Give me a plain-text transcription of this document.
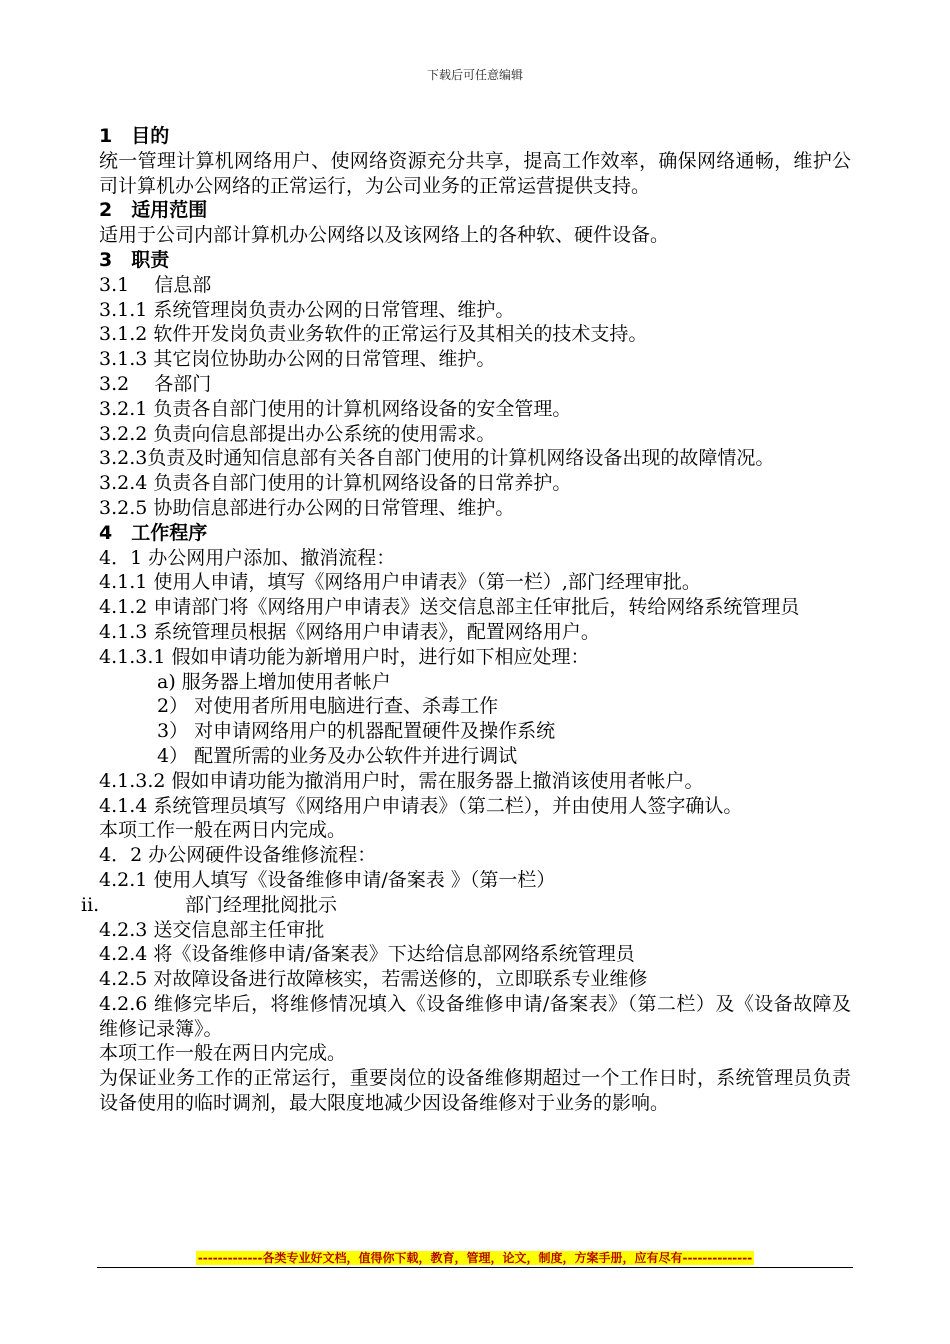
下载后可任意编辑
1　目的
统一管理计算机网络用户、使网络资源充分共享，提高工作效率，确保网络通畅，维护公司计算机办公网络的正常运行，为公司业务的正常运营提供支持。
2　适用范围
适用于公司内部计算机办公网络以及该网络上的各种软、硬件设备。
3　职责
3.1　 信息部
3.1.1 系统管理岗负责办公网的日常管理、维护。
3.1.2 软件开发岗负责业务软件的正常运行及其相关的技术支持。
3.1.3 其它岗位协助办公网的日常管理、维护。
3.2　 各部门
3.2.1 负责各自部门使用的计算机网络设备的安全管理。
3.2.2 负责向信息部提出办公系统的使用需求。
3.2.3负责及时通知信息部有关各自部门使用的计算机网络设备出现的故障情况。
3.2.4 负责各自部门使用的计算机网络设备的日常养护。
3.2.5 协助信息部进行办公网的日常管理、维护。
4　工作程序
4．1 办公网用户添加、撤消流程：
4.1.1 使用人申请，填写《网络用户申请表》（第一栏）,部门经理审批。
4.1.2 申请部门将《网络用户申请表》送交信息部主任审批后，转给网络系统管理员
4.1.3 系统管理员根据《网络用户申请表》，配置网络用户。
4.1.3.1 假如申请功能为新增用户时，进行如下相应处理：
a) 服务器上增加使用者帐户
2） 对使用者所用电脑进行查、杀毒工作
3） 对申请网络用户的机器配置硬件及操作系统
4） 配置所需的业务及办公软件并进行调试
4.1.3.2 假如申请功能为撤消用户时，需在服务器上撤消该使用者帐户。
4.1.4 系统管理员填写《网络用户申请表》（第二栏），并由使用人签字确认。
本项工作一般在两日内完成。
4．2 办公网硬件设备维修流程：
4.2.1 使用人填写《设备维修申请/备案表 》（第一栏）
ii.	部门经理批阅批示
4.2.3 送交信息部主任审批
4.2.4 将《设备维修申请/备案表》下达给信息部网络系统管理员
4.2.5 对故障设备进行故障核实，若需送修的，立即联系专业维修
4.2.6 维修完毕后，将维修情况填入《设备维修申请/备案表》（第二栏）及《设备故障及维修记录簿》。
本项工作一般在两日内完成。
为保证业务工作的正常运行，重要岗位的设备维修期超过一个工作日时，系统管理员负责设备使用的临时调剂，最大限度地减少因设备维修对于业务的影响。
-------------各类专业好文档，值得你下载，教育，管理，论文，制度，方案手册，应有尽有--------------
